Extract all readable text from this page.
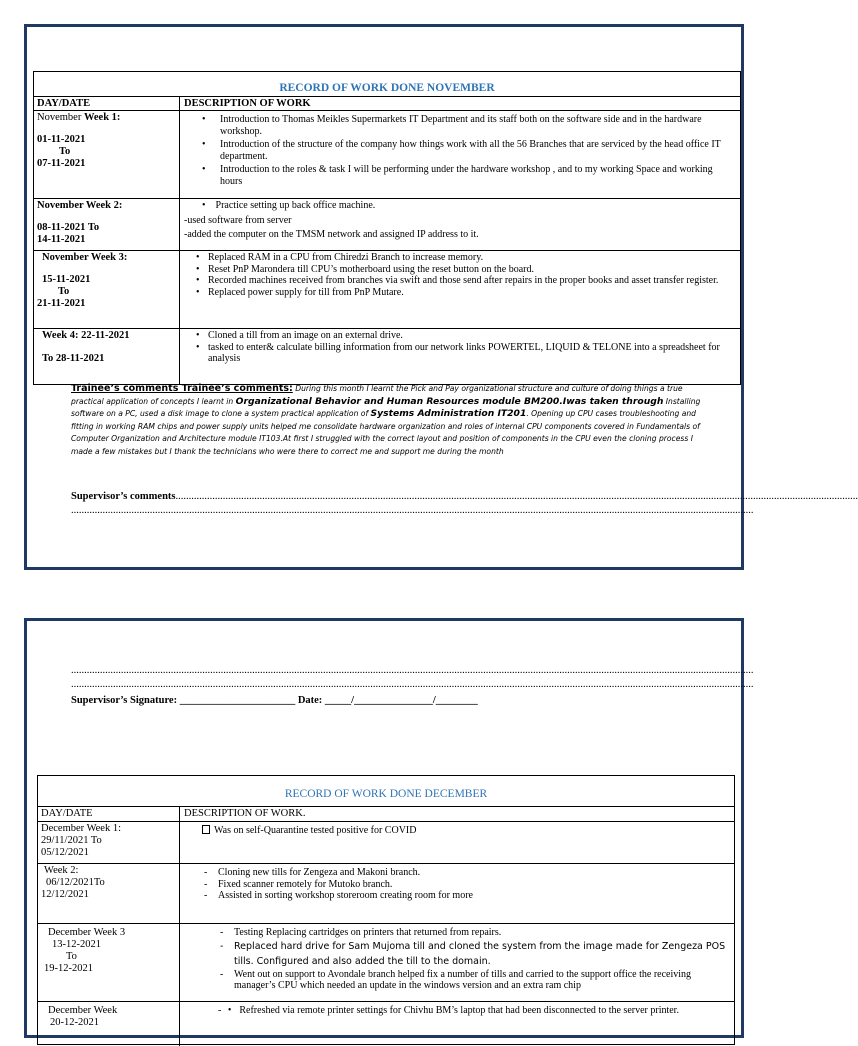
RECORD OF WORK DONE NOVEMBER
DAY/DATE	DESCRIPTION OF WORK
November Week 1:
01-11-2021
To
07-11-2021
• Introduction to Thomas Meikles Supermarkets IT Department and its staff both on the software side and in the hardware workshop.
• Introduction of the structure of the company how things work with all the 56 Branches that are serviced by the head office IT department.
• Introduction to the roles & task I will be performing under the hardware workshop , and to my working Space and working hours
November Week 2:
08-11-2021 To
14-11-2021
• Practice setting up back office machine.
-used software from server
-added the computer on the TMSM network and assigned IP address to it.
November Week 3:
15-11-2021
To
21-11-2021
• Replaced RAM in a CPU from Chiredzi Branch to increase memory.
• Reset PnP Marondera till CPU’s motherboard using the reset button on the board.
• Recorded machines received from branches via swift and those send after repairs in the proper books and asset transfer register.
• Replaced power supply for till from PnP Mutare.
Week 4: 22-11-2021
To 28-11-2021
• Cloned a till from an image on an external drive.
• tasked to enter& calculate billing information from our network links POWERTEL, LIQUID & TELONE into a spreadsheet for analysis
Trainee’s comments Trainee’s comments: During this month I learnt the Pick and Pay organizational structure and culture of doing things a true practical application of concepts I learnt in Organizational Behavior and Human Resources module BM200.Iwas taken through Installing software on a PC, used a disk image to clone a system practical application of Systems Administration IT201. Opening up CPU cases troubleshooting and fitting in working RAM chips and power supply units helped me consolidate hardware organization and roles of internal CPU components covered in Fundamentals of Computer Organization and Architecture module IT103.At first I struggled with the correct layout and position of components in the CPU even the cloning process I made a few mistakes but I thank the technicians who were there to correct me and support me during the month
Supervisor’s comments....................................................................................................................................................................................................................................................................
....................................................................................................................................................................................................................................................................
....................................................................................................................................................................................................................................................................
....................................................................................................................................................................................................................................................................
Supervisor’s Signature: ______________________ Date: _____/_______________/________
RECORD OF WORK DONE DECEMBER
DAY/DATE	DESCRIPTION OF WORK.
December Week 1:
29/11/2021 To
05/12/2021
Was on self-Quarantine tested positive for COVID
Week 2:
06/12/2021To
12/12/2021
- Cloning new tills for Zengeza and Makoni branch.
- Fixed scanner remotely for Mutoko branch.
- Assisted in sorting workshop storeroom creating room for more
December Week 3
13-12-2021
To
19-12-2021
- Testing Replacing cartridges on printers that returned from repairs.
- Replaced hard drive for Sam Mujoma till and cloned the system from the image made for Zengeza POS tills. Configured and also added the till to the domain.
- Went out on support to Avondale branch helped fix a number of tills and carried to the support office the receiving manager’s CPU which needed an update in the windows version and an extra ram chip
December Week
20-12-2021
- • Refreshed via remote printer settings for Chivhu BM’s laptop that had been disconnected to the server printer.
